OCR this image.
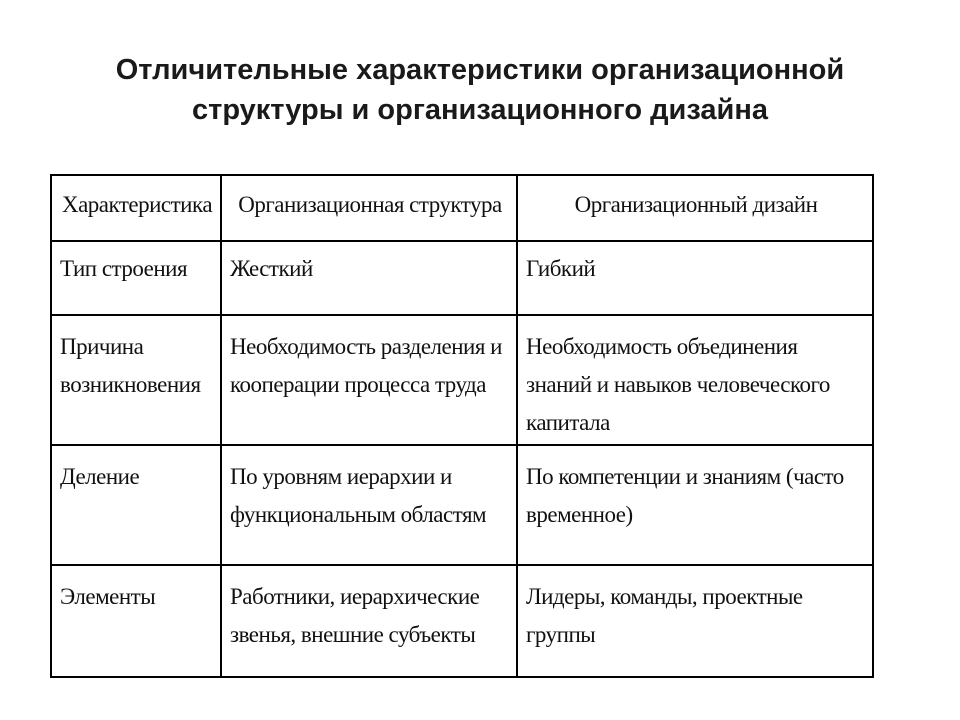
Отличительные характеристики организационной
структуры и организационного дизайна
Характеристика	Организационная структура	Организационный дизайн
Тип строения	Жесткий	Гибкий
Причина возникновения	Необходимость разделения и кооперации процесса труда	Необходимость объединения знаний и навыков человеческого капитала
Деление	По уровням иерархии и функциональным областям	По компетенции и знаниям (часто временное)
Элементы	Работники, иерархические звенья, внешние субъекты	Лидеры, команды, проектные группы
